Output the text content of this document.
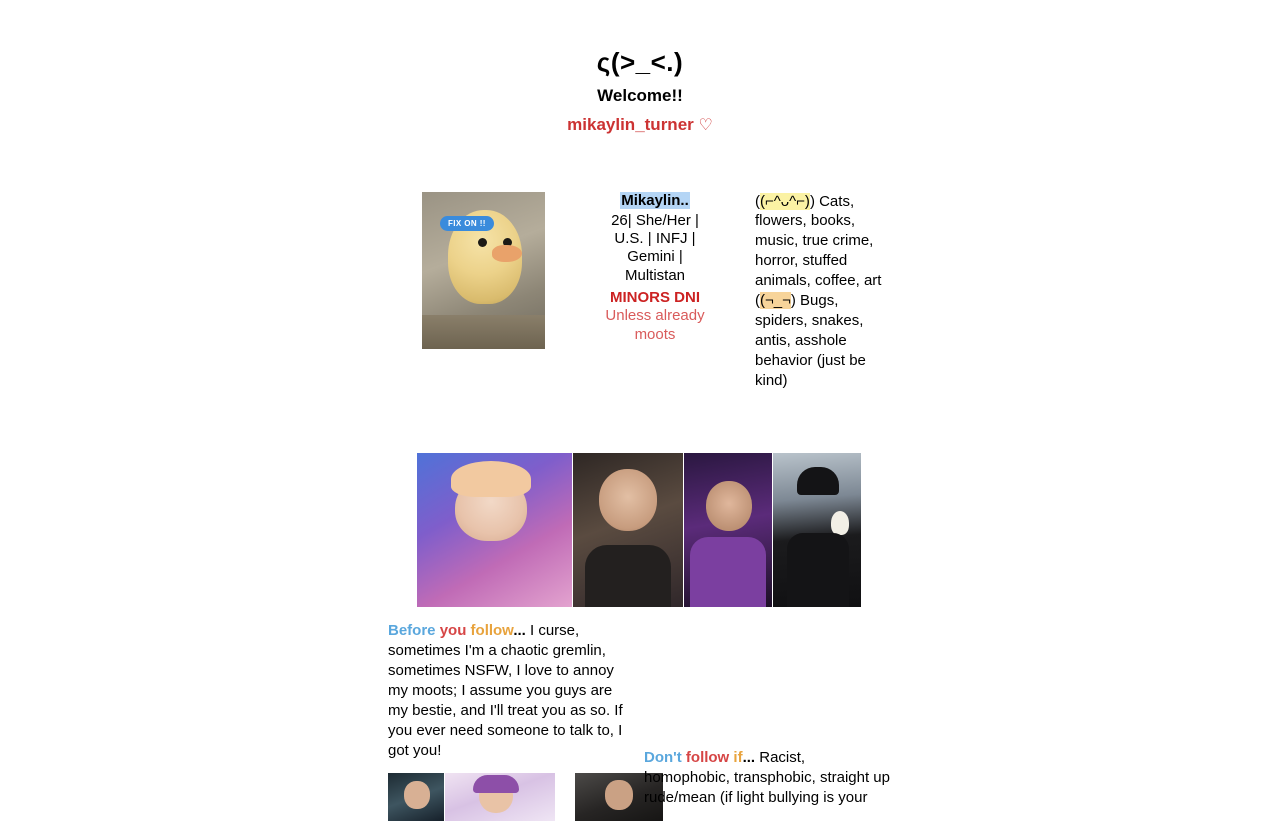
ς(>_<.)
Welcome!!
mikaylin_turner ♡
FIX ON !!
Mikaylin..
26| She/Her | U.S. | INFJ | Gemini | Multistan
MINORS DNI
Unless already moots
((⌐^ᴗ^⌐)) Cats, flowers, books, music, true crime, horror, stuffed animals, coffee, art
((¬_¬) Bugs, spiders, snakes, antis, asshole behavior (just be kind)
Before you follow... I curse, sometimes I'm a chaotic gremlin, sometimes NSFW, I love to annoy my moots; I assume you guys are my bestie, and I'll treat you as so. If you ever need someone to talk to, I got you!	Don't follow if... Racist, homophobic, transphobic, straight up rude/mean (if light bullying is your
